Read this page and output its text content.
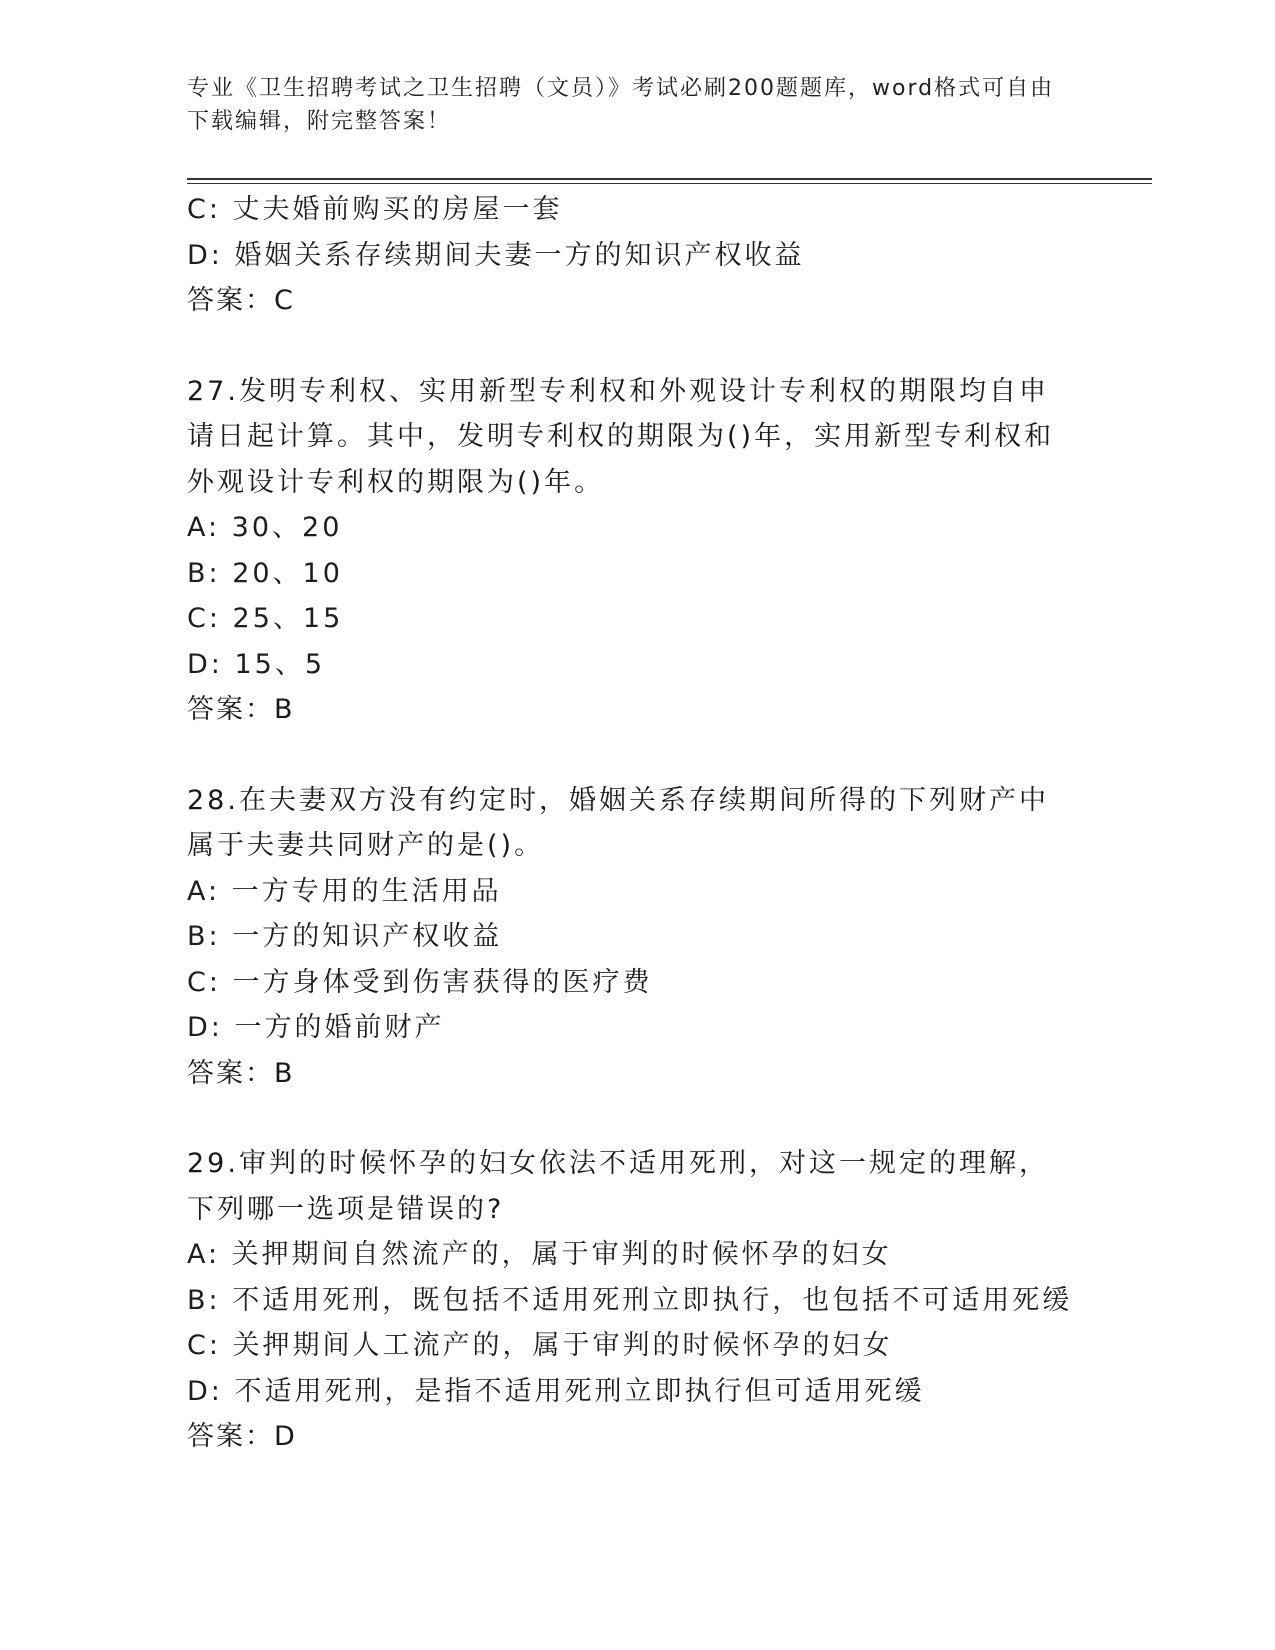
专业《卫生招聘考试之卫生招聘（文员）》考试必刷200题题库，word格式可自由下载编辑，附完整答案！
C: 丈夫婚前购买的房屋一套
D: 婚姻关系存续期间夫妻一方的知识产权收益
答案：C
27.发明专利权、实用新型专利权和外观设计专利权的期限均自申请日起计算。其中，发明专利权的期限为()年，实用新型专利权和外观设计专利权的期限为()年。
A: 30、20
B: 20、10
C: 25、15
D: 15、5
答案：B
28.在夫妻双方没有约定时，婚姻关系存续期间所得的下列财产中属于夫妻共同财产的是()。
A: 一方专用的生活用品
B: 一方的知识产权收益
C: 一方身体受到伤害获得的医疗费
D: 一方的婚前财产
答案：B
29.审判的时候怀孕的妇女依法不适用死刑，对这一规定的理解，下列哪一选项是错误的?
A: 关押期间自然流产的，属于审判的时候怀孕的妇女
B: 不适用死刑，既包括不适用死刑立即执行，也包括不可适用死缓
C: 关押期间人工流产的，属于审判的时候怀孕的妇女
D: 不适用死刑，是指不适用死刑立即执行但可适用死缓
答案：D
